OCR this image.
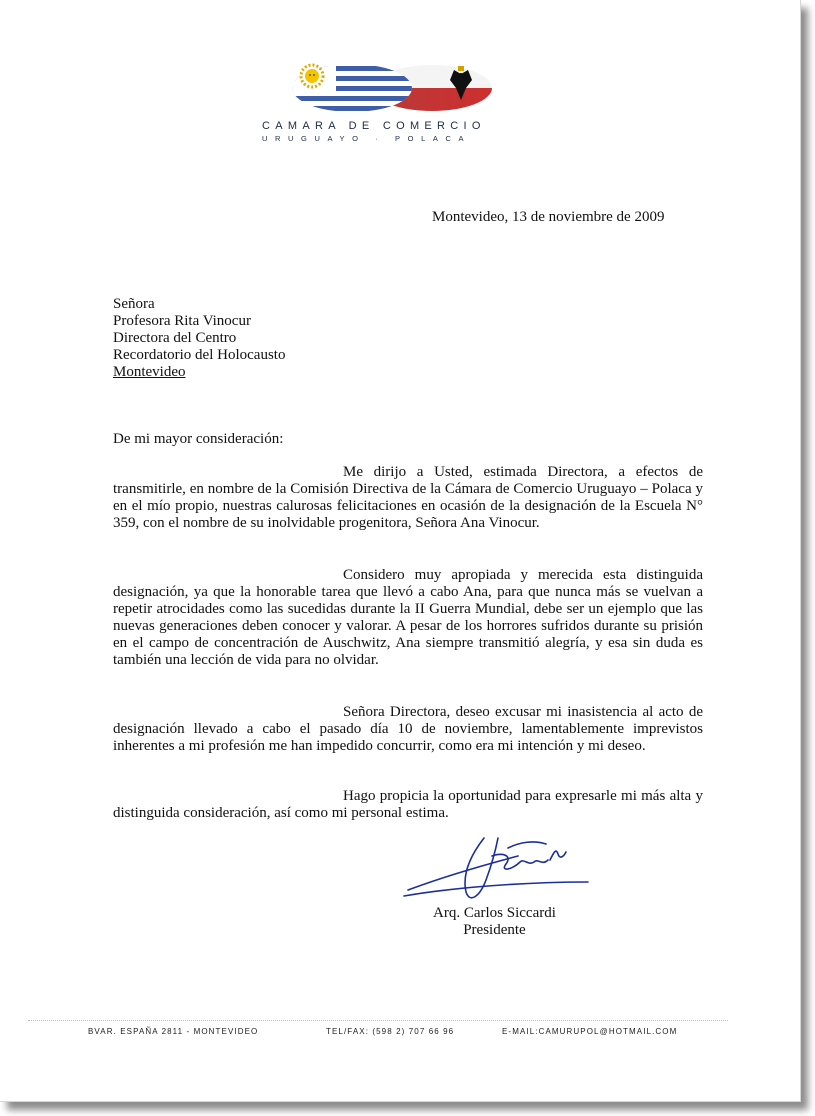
CAMARA DE COMERCIO
URUGUAYO · POLACA
Montevideo, 13 de noviembre de 2009
Señora
Profesora Rita Vinocur
Directora del Centro
Recordatorio del Holocausto
Montevideo
De mi mayor consideración:

Me dirijo a Usted, estimada Directora, a efectos de transmitirle, en nombre de la Comisión Directiva de la Cámara de Comercio Uruguayo – Polaca y en el mío propio, nuestras calurosas felicitaciones en ocasión de la designación de la Escuela N° 359, con el nombre de su inolvidable progenitora, Señora Ana Vinocur.

Considero muy apropiada y merecida esta distinguida designación, ya que la honorable tarea que llevó a cabo Ana, para que nunca más se vuelvan a repetir atrocidades como las sucedidas durante la II Guerra Mundial, debe ser un ejemplo que las nuevas generaciones deben conocer y valorar. A pesar de los horrores sufridos durante su prisión en el campo de concentración de Auschwitz, Ana siempre transmitió alegría, y esa sin duda es también una lección de vida para no olvidar.

Señora Directora, deseo excusar mi inasistencia al acto de designación llevado a cabo el pasado día 10 de noviembre, lamentablemente imprevistos inherentes a mi profesión me han impedido concurrir, como era mi intención y mi deseo.

Hago propicia la oportunidad para expresarle mi más alta y distinguida consideración, así como mi personal estima.

Arq. Carlos Siccardi
Presidente
BVAR. ESPAÑA 2811 - MONTEVIDEO	TEL/FAX: (598 2) 707 66 96	E-MAIL:CAMURUPOL@HOTMAIL.COM
